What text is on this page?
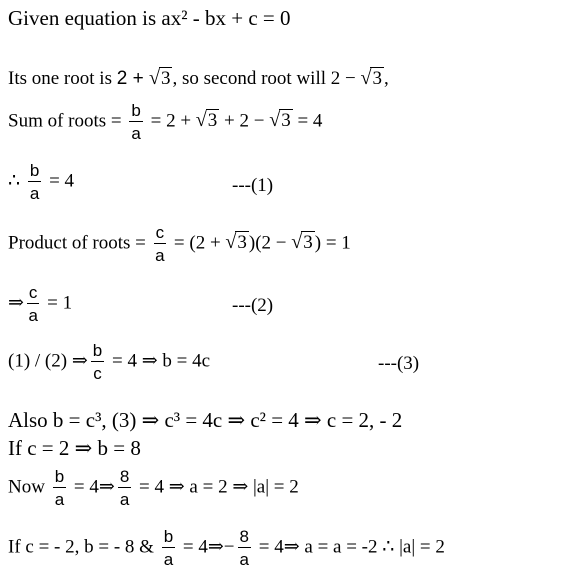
Given equation is ax² - bx + c = 0
Its one root is 2 + √3 , so second root will 2 − √3 ,
Sum of roots = $\frac{b}{a} = 2 + √3 + 2 - √3 = 4$
∴ $\frac{b}{a} = 4$	---(1)
Product of roots = $\frac{c}{a} = (2 + √3$ )(2 − √3 ) = 1
⇒ $\frac{c}{a} = 1$	---(2)
(1) / (2) ⇒ $\frac{b}{c} = 4$ ⇒ b = 4c	---(3)
Also b = c³, (3) ⇒ c³ = 4c ⇒ c² = 4 ⇒ c = 2, - 2
If c = 2 ⇒ b = 8
Now $\frac{b}{a}$ = 4⇒ $\frac{8}{a} = 4$ ⇒ a = 2 ⇒ |a| = 2
If c = - 2, b = - 8 & $\frac{b}{a}$ = 4⇒− $\frac{8}{a}$ = 4⇒ a = a = -2 ∴ |a| = 2
